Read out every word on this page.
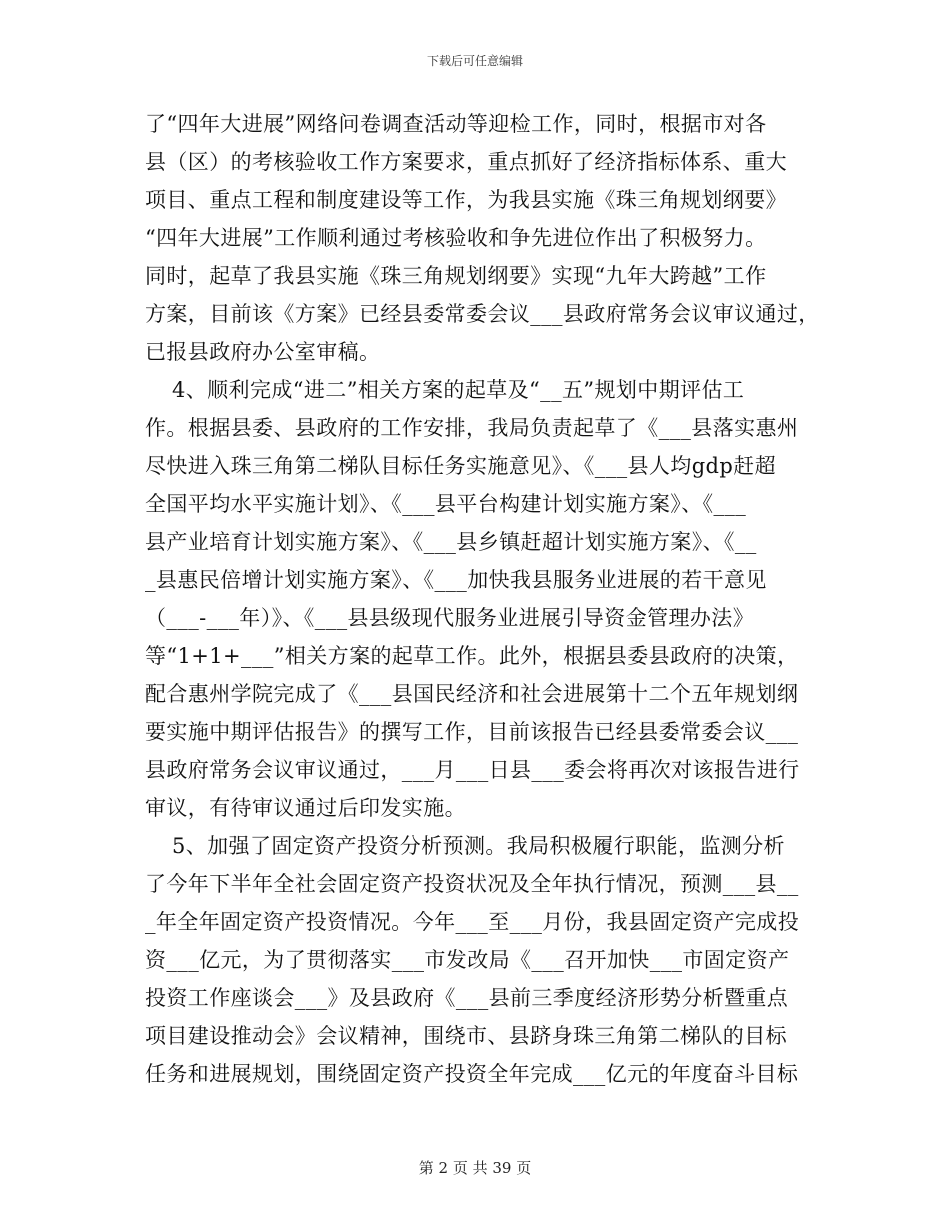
下载后可任意编辑
了“四年大进展”网络问卷调查活动等迎检工作，同时，根据市对各
县（区）的考核验收工作方案要求，重点抓好了经济指标体系、重大
项目、重点工程和制度建设等工作，为我县实施《珠三角规划纲要》
“四年大进展”工作顺利通过考核验收和争先进位作出了积极努力。
同时，起草了我县实施《珠三角规划纲要》实现“九年大跨越”工作
方案，目前该《方案》已经县委常委会议___县政府常务会议审议通过，
已报县政府办公室审稿。
4、顺利完成“进二”相关方案的起草及“__五”规划中期评估工
作。根据县委、县政府的工作安排，我局负责起草了《___县落实惠州
尽快进入珠三角第二梯队目标任务实施意见》、《___县人均gdp赶超
全国平均水平实施计划》、《___县平台构建计划实施方案》、《___
县产业培育计划实施方案》、《___县乡镇赶超计划实施方案》、《__
_县惠民倍增计划实施方案》、《___加快我县服务业进展的若干意见
（___-___年）》、《___县县级现代服务业进展引导资金管理办法》
等“1+1+___”相关方案的起草工作。此外，根据县委县政府的决策，
配合惠州学院完成了《___县国民经济和社会进展第十二个五年规划纲
要实施中期评估报告》的撰写工作，目前该报告已经县委常委会议___
县政府常务会议审议通过，___月___日县___委会将再次对该报告进行
审议，有待审议通过后印发实施。
5、加强了固定资产投资分析预测。我局积极履行职能，监测分析
了今年下半年全社会固定资产投资状况及全年执行情况，预测___县__
_年全年固定资产投资情况。今年___至___月份，我县固定资产完成投
资___亿元，为了贯彻落实___市发改局《___召开加快___市固定资产
投资工作座谈会___》及县政府《___县前三季度经济形势分析暨重点
项目建设推动会》会议精神，围绕市、县跻身珠三角第二梯队的目标
任务和进展规划，围绕固定资产投资全年完成___亿元的年度奋斗目标
第 2 页 共 39 页
